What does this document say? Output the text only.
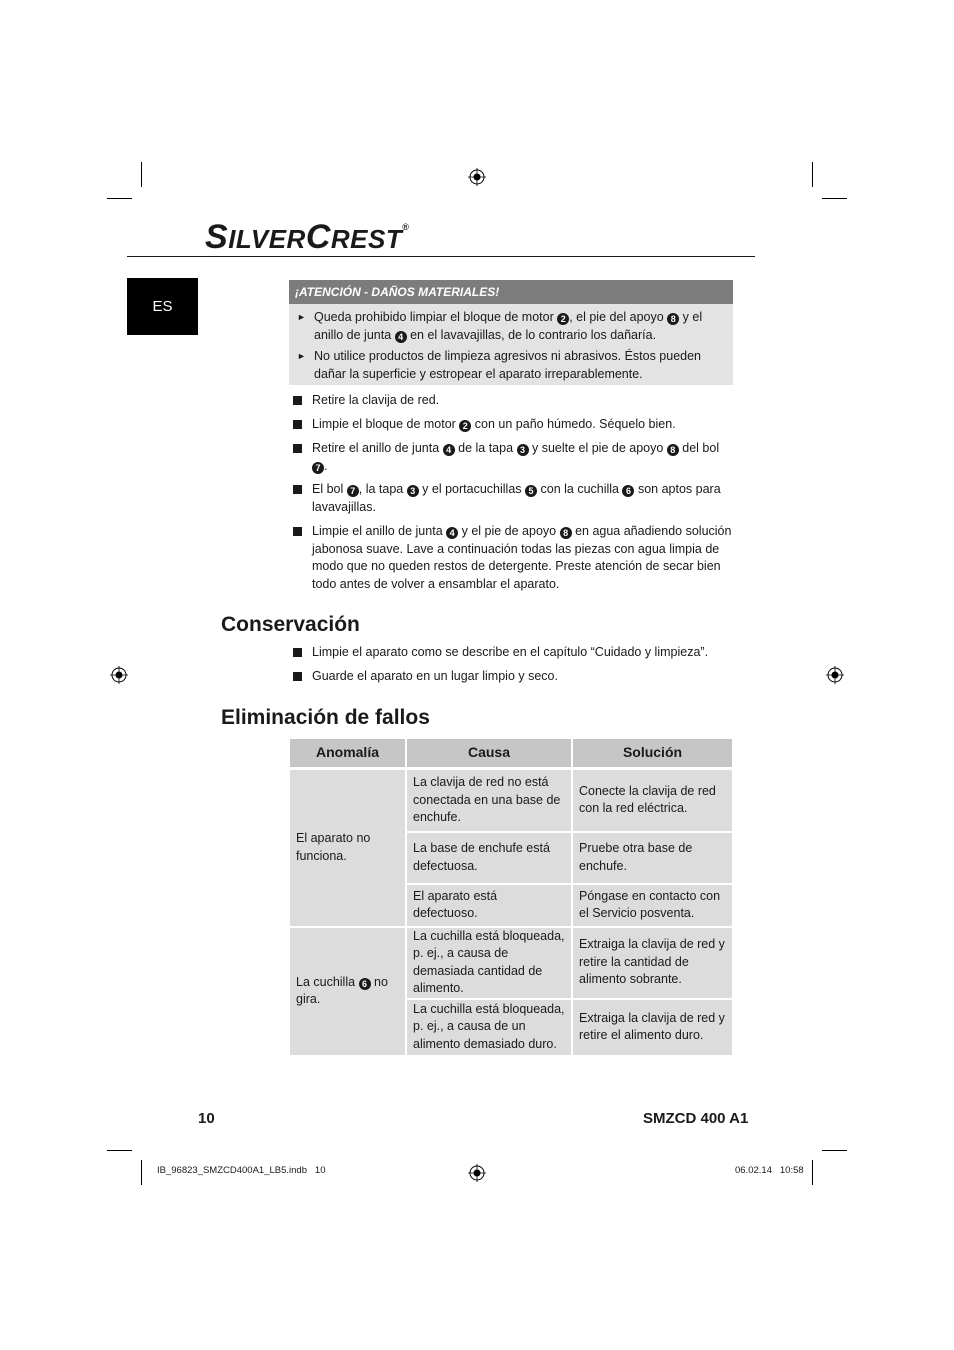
SILVERCREST®
ES
¡ATENCIÓN - DAÑOS MATERIALES!
► Queda prohibido limpiar el bloque de motor 2 , el pie del apoyo 8 y el anillo de junta 4 en el lavavajillas, de lo contrario los dañaría.
► No utilice productos de limpieza agresivos ni abrasivos. Éstos pueden dañar la superficie y estropear el aparato irreparablemente.
Retire la clavija de red.
Limpie el bloque de motor 2 con un paño húmedo. Séquelo bien.
Retire el anillo de junta 4 de la tapa 3 y suelte el pie de apoyo 8 del bol 7 .
El bol 7 , la tapa 3 y el portacuchillas 5 con la cuchilla 6 son aptos para lavavajillas.
Limpie el anillo de junta 4 y el pie de apoyo 8 en agua añadiendo solución jabonosa suave. Lave a continuación todas las piezas con agua limpia de modo que no queden restos de detergente. Preste atención de secar bien todo antes de volver a ensamblar el aparato.
Conservación
Limpie el aparato como se describe en el capítulo “Cuidado y limpieza”.
Guarde el aparato en un lugar limpio y seco.
Eliminación de fallos
Anomalía	Causa	Solución
El aparato no funciona.	La clavija de red no está conectada en una base de enchufe.	Conecte la clavija de red con la red eléctrica.
	La base de enchufe está defectuosa.	Pruebe otra base de enchufe.
	El aparato está defectuoso.	Póngase en contacto con el Servicio posventa.
La cuchilla 6 no gira.	La cuchilla está bloqueada, p. ej., a causa de demasiada cantidad de alimento.	Extraiga la clavija de red y retire la cantidad de alimento sobrante.
	La cuchilla está bloqueada, p. ej., a causa de un alimento demasiado duro.	Extraiga la clavija de red y retire el alimento duro.
10	SMZCD 400 A1
IB_96823_SMZCD400A1_LB5.indb   10	06.02.14   10:58
